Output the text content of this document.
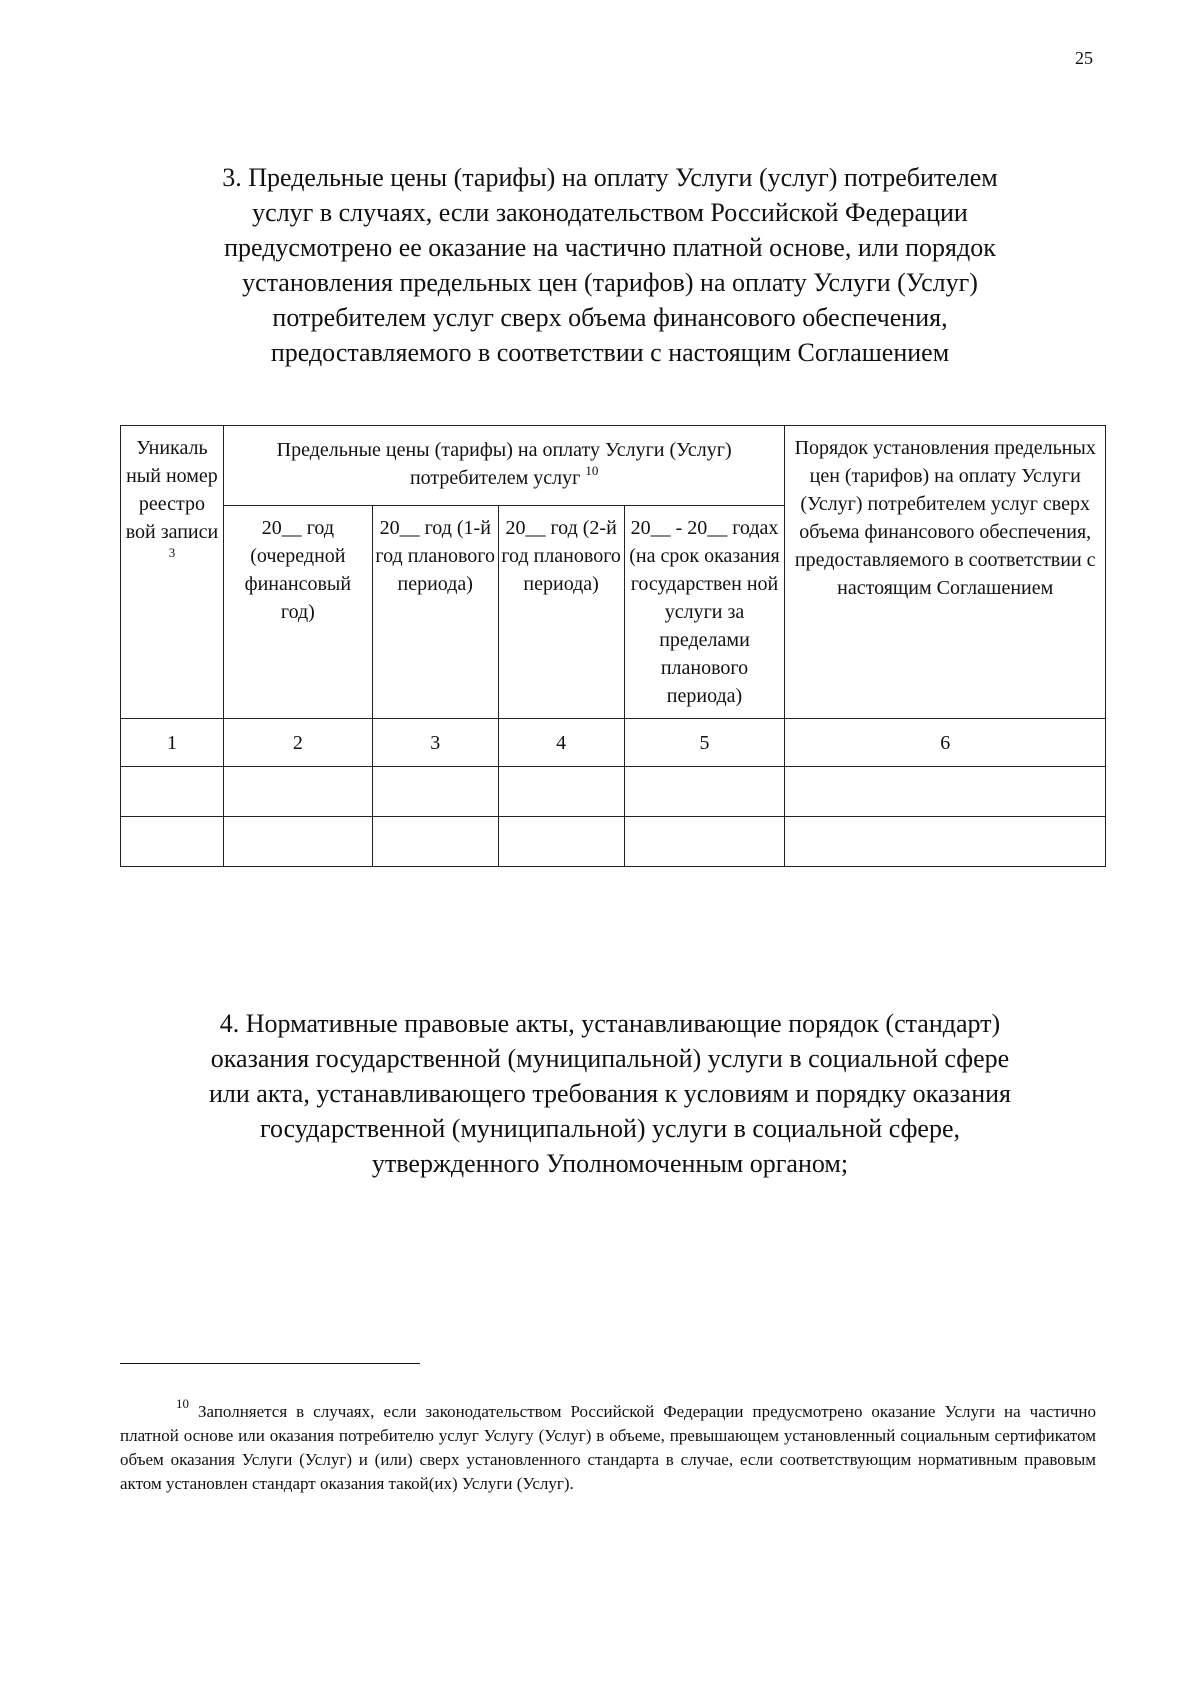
25
3. Предельные цены (тарифы) на оплату Услуги (услуг) потребителем
услуг в случаях, если законодательством Российской Федерации
предусмотрено ее оказание на частично платной основе, или порядок
установления предельных цен (тарифов) на оплату Услуги (Услуг)
потребителем услуг сверх объема финансового обеспечения,
предоставляемого в соответствии с настоящим Соглашением
Уникаль ный номер реестро вой записи $^3$	Предельные цены (тарифы) на оплату Услуги (Услуг) потребителем услуг $^{10}$				Порядок установления предельных цен (тарифов) на оплату Услуги (Услуг) потребителем услуг сверх объема финансового обеспечения, предоставляемого в соответствии с настоящим Соглашением
	20__ год (очередной финансовый год)	20__ год (1-й год планового периода)	20__ год (2-й год планового периода)	20__ - 20__ годах (на срок оказания государствен ной услуги за пределами планового периода)	
1	2	3	4	5	6

4. Нормативные правовые акты, устанавливающие порядок (стандарт)
оказания государственной (муниципальной) услуги в социальной сфере
или акта, устанавливающего требования к условиям и порядку оказания
государственной (муниципальной) услуги в социальной сфере,
утвержденного Уполномоченным органом;
$^{10}$ Заполняется в случаях, если законодательством Российской Федерации предусмотрено оказание Услуги на частично платной основе или оказания потребителю услуг Услугу (Услуг) в объеме, превышающем установленный социальным сертификатом объем оказания Услуги (Услуг) и (или) сверх установленного стандарта в случае, если соответствующим нормативным правовым актом установлен стандарт оказания такой(их) Услуги (Услуг).
